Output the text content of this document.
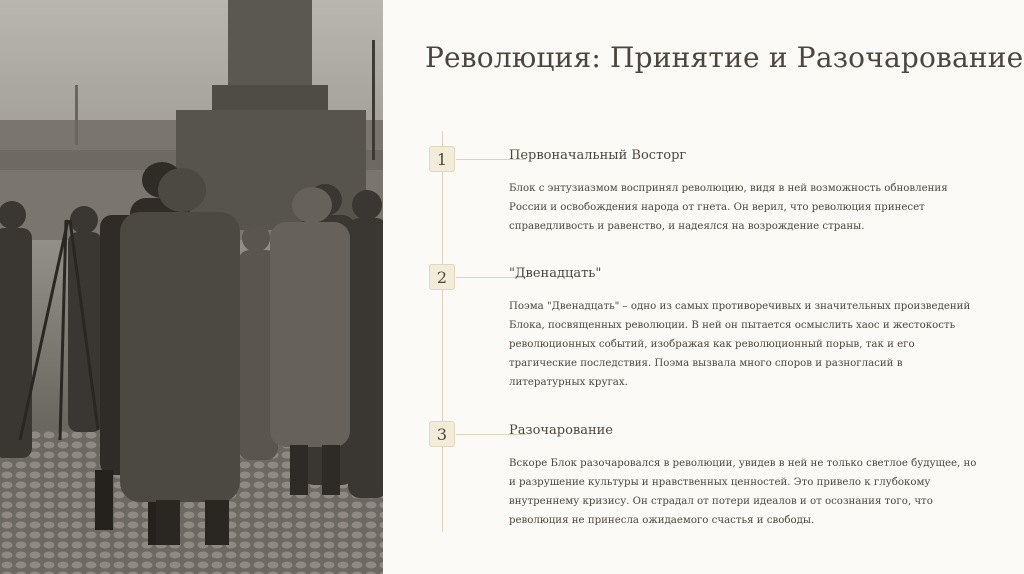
Революция: Принятие и Разочарование
1	Первоначальный Восторг
Блок с энтузиазмом воспринял революцию, видя в ней возможность обновления России и освобождения народа от гнета. Он верил, что революция принесет справедливость и равенство, и надеялся на возрождение страны.
2	"Двенадцать"
Поэма "Двенадцать" – одно из самых противоречивых и значительных произведений Блока, посвященных революции. В ней он пытается осмыслить хаос и жестокость революционных событий, изображая как революционный порыв, так и его трагические последствия. Поэма вызвала много споров и разногласий в литературных кругах.
3	Разочарование
Вскоре Блок разочаровался в революции, увидев в ней не только светлое будущее, но и разрушение культуры и нравственных ценностей. Это привело к глубокому внутреннему кризису. Он страдал от потери идеалов и от осознания того, что революция не принесла ожидаемого счастья и свободы.
